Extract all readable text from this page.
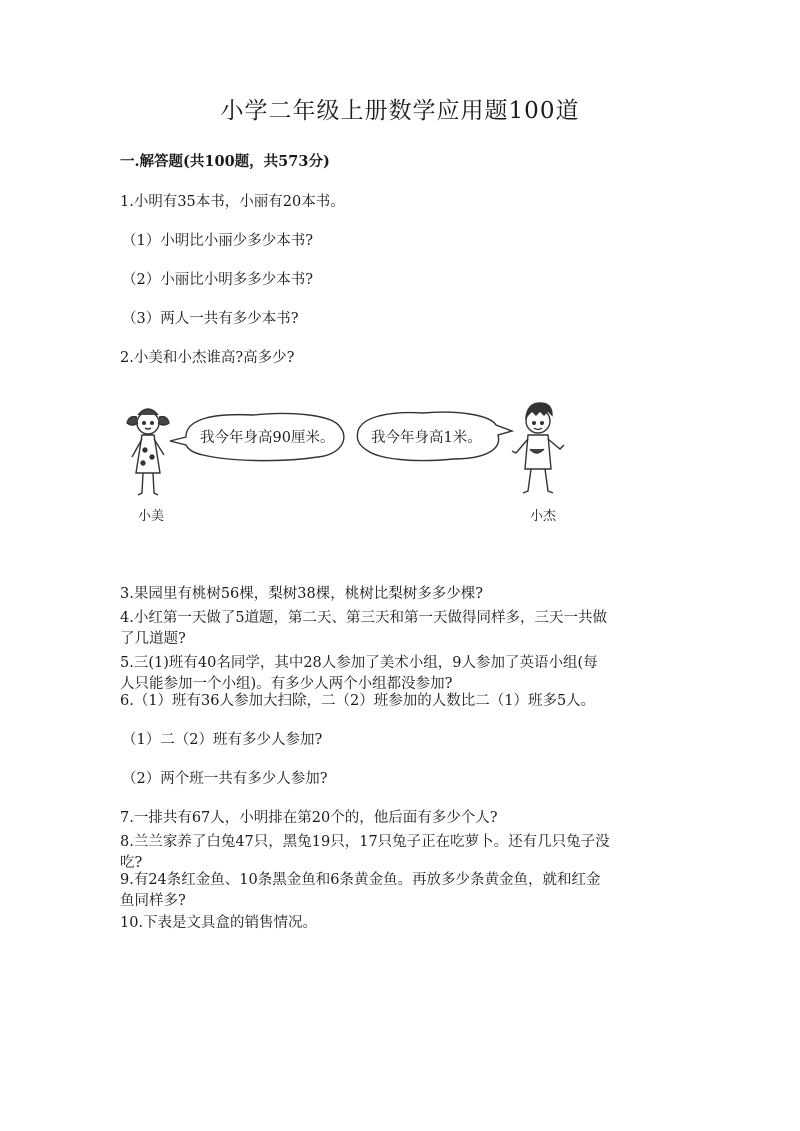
小学二年级上册数学应用题100道
一.解答题(共100题，共573分)
1.小明有35本书，小丽有20本书。
（1）小明比小丽少多少本书?
（2）小丽比小明多多少本书?
（3）两人一共有多少本书?
2.小美和小杰谁高?高多少?
小美
我今年身高90厘米。	我今年身高1米。
小杰
3.果园里有桃树56棵，梨树38棵，桃树比梨树多多少棵?
4.小红第一天做了5道题，第二天、第三天和第一天做得同样多，三天一共做
了几道题?
5.三(1)班有40名同学，其中28人参加了美术小组，9人参加了英语小组(每
人只能参加一个小组)。有多少人两个小组都没参加?
6.（1）班有36人参加大扫除，二（2）班参加的人数比二（1）班多5人。
（1）二（2）班有多少人参加?
（2）两个班一共有多少人参加?
7.一排共有67人，小明排在第20个的，他后面有多少个人?
8.兰兰家养了白兔47只，黑兔19只，17只兔子正在吃萝卜。还有几只兔子没
吃?
9.有24条红金鱼、10条黑金鱼和6条黄金鱼。再放多少条黄金鱼，就和红金
鱼同样多?
10.下表是文具盒的销售情况。
